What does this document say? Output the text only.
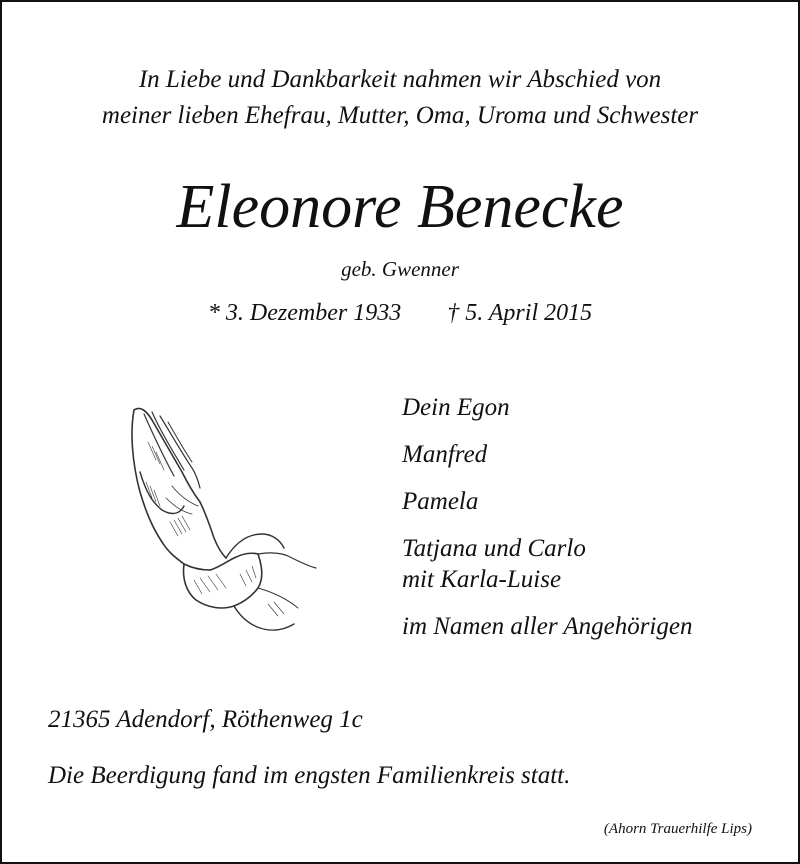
In Liebe und Dankbarkeit nahmen wir Abschied von
meiner lieben Ehefrau, Mutter, Oma, Uroma und Schwester
Eleonore Benecke
geb. Gwenner
* 3. Dezember 1933 † 5. April 2015
Dein Egon
Manfred
Pamela
Tatjana und Carlo
mit Karla-Luise
im Namen aller Angehörigen
21365 Adendorf, Röthenweg 1c
Die Beerdigung fand im engsten Familienkreis statt.
(Ahorn Trauerhilfe Lips)
